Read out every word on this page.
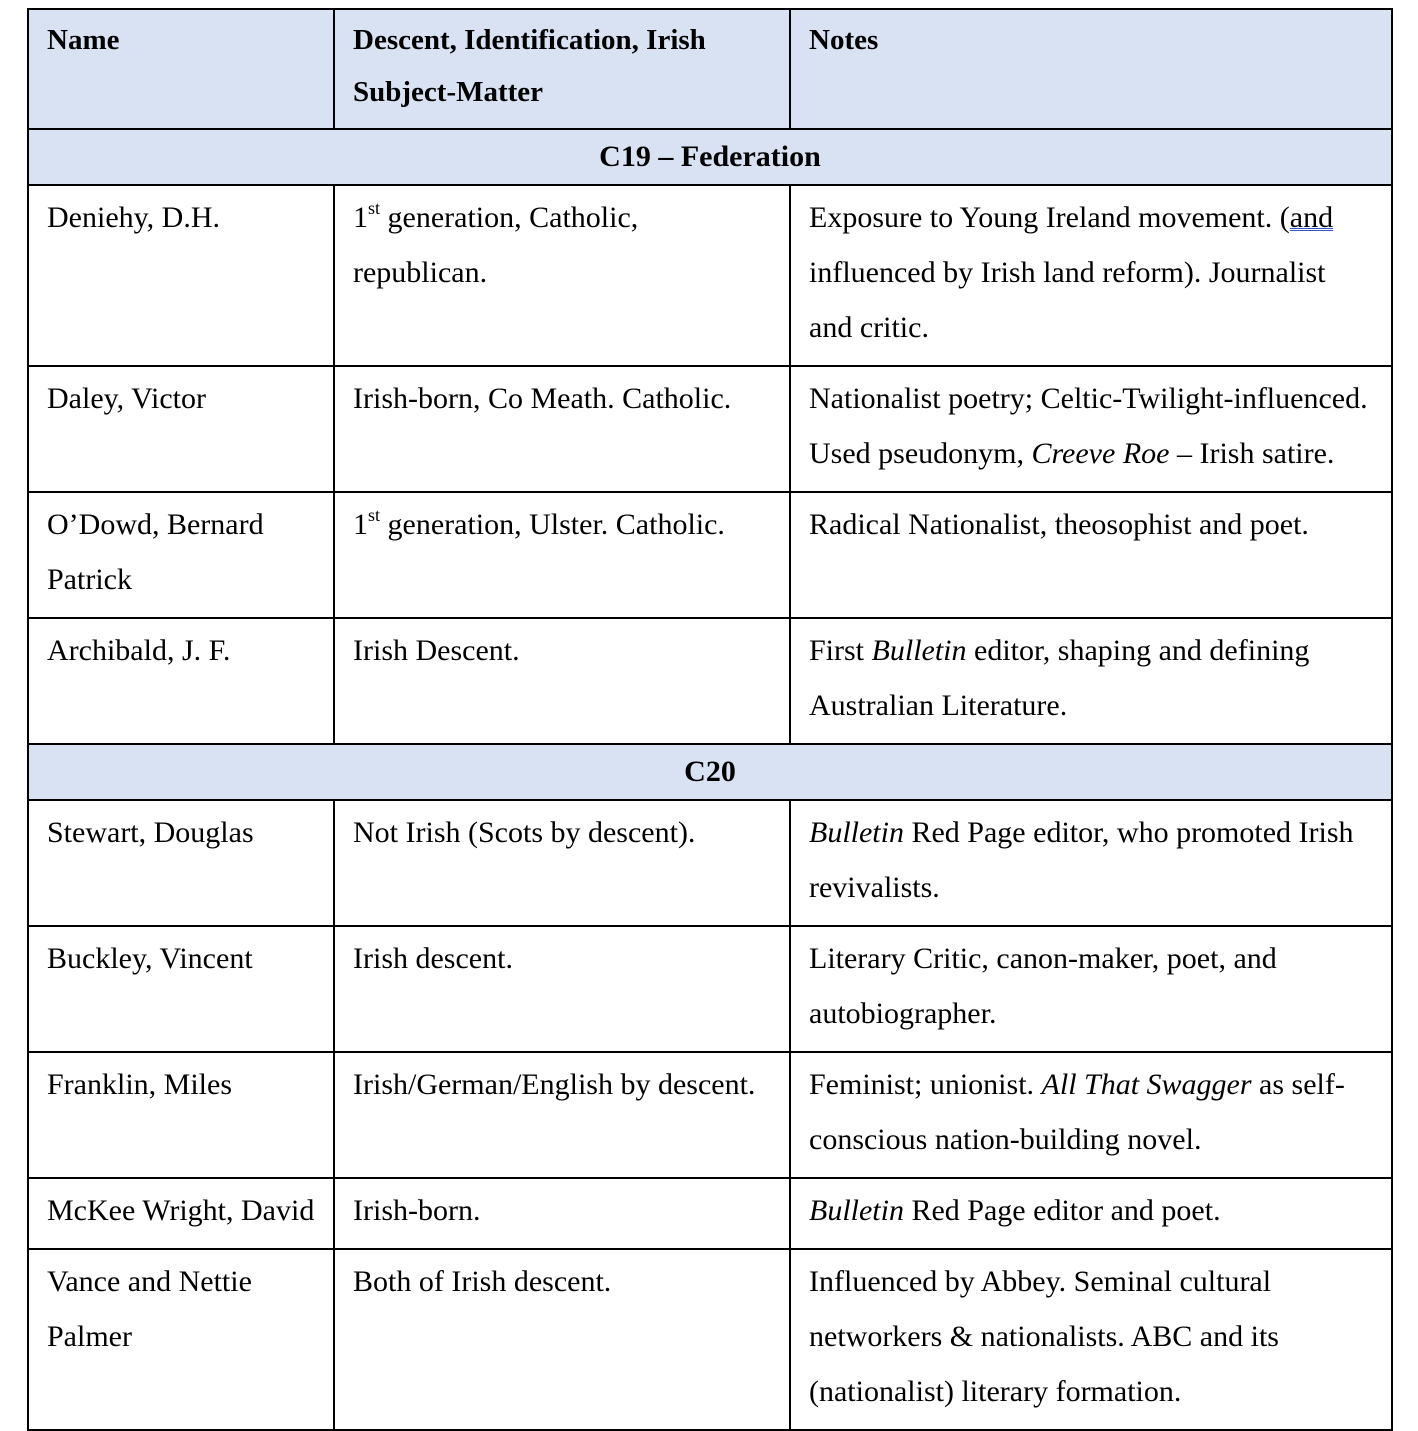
Name	Descent, Identification, Irish Subject-Matter	Notes
C19 – Federation		
Deniehy, D.H.	1st generation, Catholic, republican.	Exposure to Young Ireland movement. (and influenced by Irish land reform). Journalist and critic.
Daley, Victor	Irish-born, Co Meath. Catholic.	Nationalist poetry; Celtic-Twilight-influenced. Used pseudonym, Creeve Roe – Irish satire.
O’Dowd, Bernard Patrick	1st generation, Ulster. Catholic.	Radical Nationalist, theosophist and poet.
Archibald, J. F.	Irish Descent.	First Bulletin editor, shaping and defining Australian Literature.
C20		
Stewart, Douglas	Not Irish (Scots by descent).	Bulletin Red Page editor, who promoted Irish revivalists.
Buckley, Vincent	Irish descent.	Literary Critic, canon-maker, poet, and autobiographer.
Franklin, Miles	Irish/German/English by descent.	Feminist; unionist. All That Swagger as self-conscious nation-building novel.
McKee Wright, David	Irish-born.	Bulletin Red Page editor and poet.
Vance and Nettie Palmer	Both of Irish descent.	Influenced by Abbey. Seminal cultural networkers & nationalists. ABC and its (nationalist) literary formation.
